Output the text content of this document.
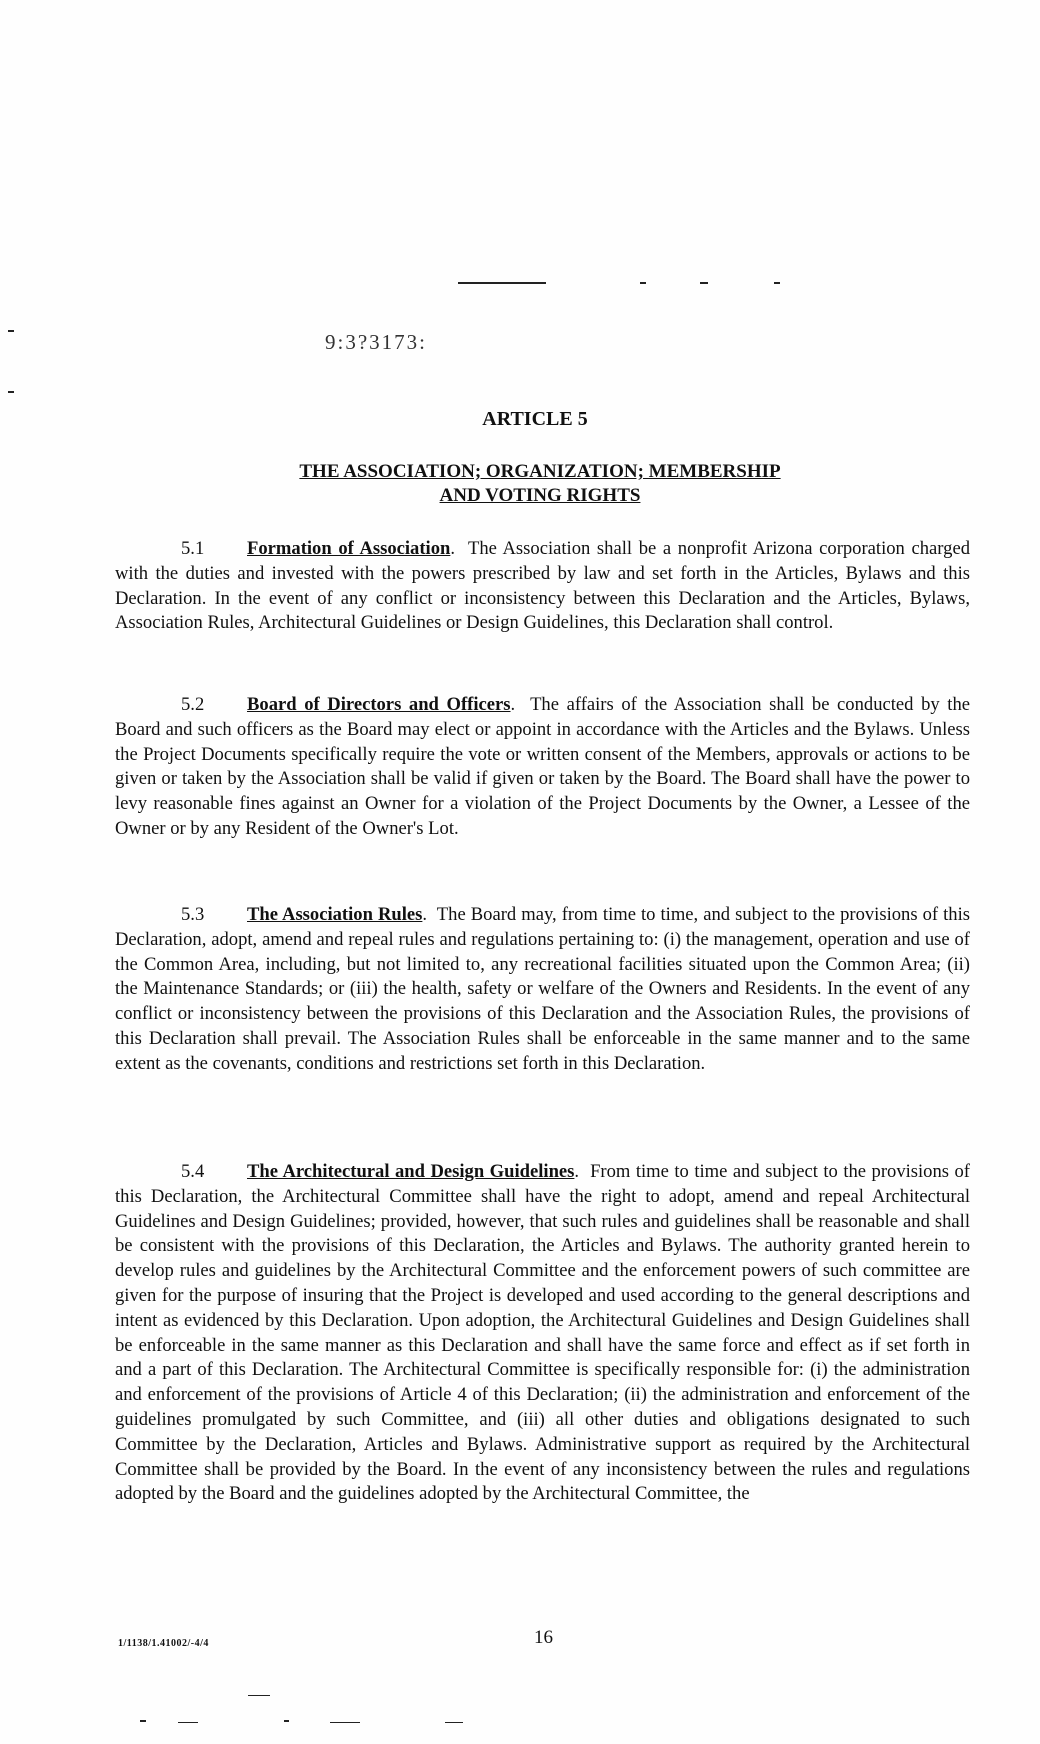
9:3?3173:
ARTICLE 5
THE ASSOCIATION; ORGANIZATION; MEMBERSHIP
AND VOTING RIGHTS
5.1 Formation of Association.  The Association shall be a nonprofit Arizona corporation charged with the duties and invested with the powers prescribed by law and set forth in the Articles, Bylaws and this Declaration. In the event of any conflict or inconsistency between this Declaration and the Articles, Bylaws, Association Rules, Architectural Guidelines or Design Guidelines, this Declaration shall control.
5.2 Board of Directors and Officers.  The affairs of the Association shall be conducted by the Board and such officers as the Board may elect or appoint in accordance with the Articles and the Bylaws. Unless the Project Documents specifically require the vote or written consent of the Members, approvals or actions to be given or taken by the Association shall be valid if given or taken by the Board. The Board shall have the power to levy reasonable fines against an Owner for a violation of the Project Documents by the Owner, a Lessee of the Owner or by any Resident of the Owner's Lot.
5.3 The Association Rules.  The Board may, from time to time, and subject to the provisions of this Declaration, adopt, amend and repeal rules and regulations pertaining to: (i) the management, operation and use of the Common Area, including, but not limited to, any recreational facilities situated upon the Common Area; (ii) the Maintenance Standards; or (iii) the health, safety or welfare of the Owners and Residents. In the event of any conflict or inconsistency between the provisions of this Declaration and the Association Rules, the provisions of this Declaration shall prevail. The Association Rules shall be enforceable in the same manner and to the same extent as the covenants, conditions and restrictions set forth in this Declaration.
5.4 The Architectural and Design Guidelines.  From time to time and subject to the provisions of this Declaration, the Architectural Committee shall have the right to adopt, amend and repeal Architectural Guidelines and Design Guidelines; provided, however, that such rules and guidelines shall be reasonable and shall be consistent with the provisions of this Declaration, the Articles and Bylaws. The authority granted herein to develop rules and guidelines by the Architectural Committee and the enforcement powers of such committee are given for the purpose of insuring that the Project is developed and used according to the general descriptions and intent as evidenced by this Declaration. Upon adoption, the Architectural Guidelines and Design Guidelines shall be enforceable in the same manner as this Declaration and shall have the same force and effect as if set forth in and a part of this Declaration. The Architectural Committee is specifically responsible for: (i) the administration and enforcement of the provisions of Article 4 of this Declaration; (ii) the administration and enforcement of the guidelines promulgated by such Committee, and (iii) all other duties and obligations designated to such Committee by the Declaration, Articles and Bylaws. Administrative support as required by the Architectural Committee shall be provided by the Board. In the event of any inconsistency between the rules and regulations adopted by the Board and the guidelines adopted by the Architectural Committee, the
1/1138/1.41002/-4/4	16
